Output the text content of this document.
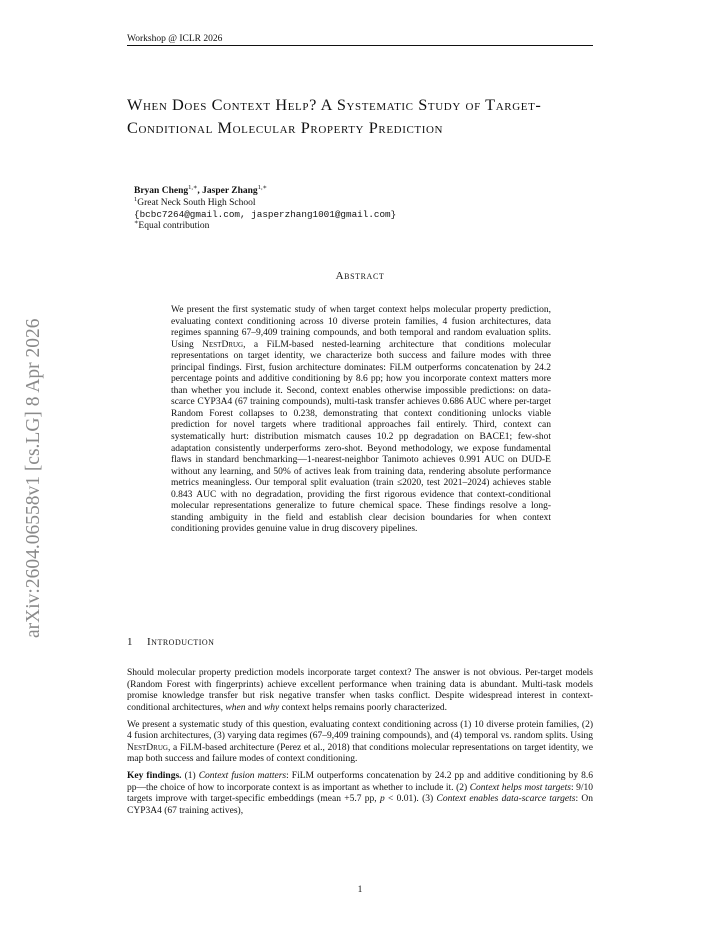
Workshop @ ICLR 2026
arXiv:2604.06558v1 [cs.LG] 8 Apr 2026
When Does Context Help? A Systematic Study of Target-Conditional Molecular Property Prediction
Bryan Cheng$^{1,∗}$, Jasper Zhang$^{1,∗}$
$^1$Great Neck South High School
{bcbc7264@gmail.com, jasperzhang1001@gmail.com}
∗Equal contribution
Abstract
We present the first systematic study of when target context helps molecular property prediction, evaluating context conditioning across 10 diverse protein families, 4 fusion architectures, data regimes spanning 67–9,409 training compounds, and both temporal and random evaluation splits. Using NestDrug, a FiLM-based nested-learning architecture that conditions molecular representations on target identity, we characterize both success and failure modes with three principal findings. First, fusion architecture dominates: FiLM outperforms concatenation by 24.2 percentage points and additive conditioning by 8.6 pp; how you incorporate context matters more than whether you include it. Second, context enables otherwise impossible predictions: on data-scarce CYP3A4 (67 training compounds), multi-task transfer achieves 0.686 AUC where per-target Random Forest collapses to 0.238, demonstrating that context conditioning unlocks viable prediction for novel targets where traditional approaches fail entirely. Third, context can systematically hurt: distribution mismatch causes 10.2 pp degradation on BACE1; few-shot adaptation consistently underperforms zero-shot. Beyond methodology, we expose fundamental flaws in standard benchmarking—1-nearest-neighbor Tanimoto achieves 0.991 AUC on DUD-E without any learning, and 50% of actives leak from training data, rendering absolute performance metrics meaningless. Our temporal split evaluation (train ≤2020, test 2021–2024) achieves stable 0.843 AUC with no degradation, providing the first rigorous evidence that context-conditional molecular representations generalize to future chemical space. These findings resolve a long-standing ambiguity in the field and establish clear decision boundaries for when context conditioning provides genuine value in drug discovery pipelines.
1 Introduction

Should molecular property prediction models incorporate target context? The answer is not obvious. Per-target models (Random Forest with fingerprints) achieve excellent performance when training data is abundant. Multi-task models promise knowledge transfer but risk negative transfer when tasks conflict. Despite widespread interest in context-conditional architectures, when and why context helps remains poorly characterized.

We present a systematic study of this question, evaluating context conditioning across (1) 10 diverse protein families, (2) 4 fusion architectures, (3) varying data regimes (67–9,409 training compounds), and (4) temporal vs. random splits. Using NestDrug, a FiLM-based architecture (Perez et al., 2018) that conditions molecular representations on target identity, we map both success and failure modes of context conditioning.

Key findings. (1) Context fusion matters: FiLM outperforms concatenation by 24.2 pp and additive conditioning by 8.6 pp—the choice of how to incorporate context is as important as whether to include it. (2) Context helps most targets: 9/10 targets improve with target-specific embeddings (mean +5.7 pp, p < 0.01). (3) Context enables data-scarce targets: On CYP3A4 (67 training actives),

1
